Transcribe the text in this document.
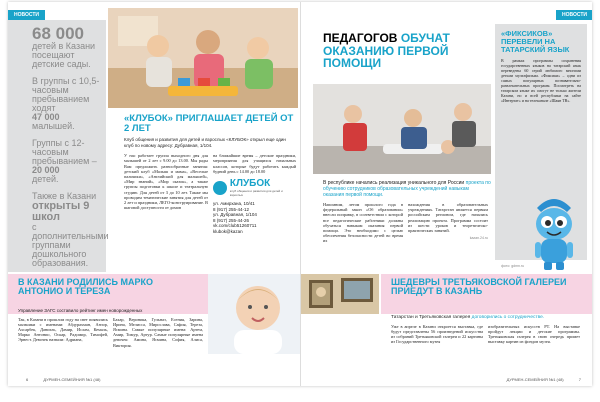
НОВОСТИ
68 000
детей в Казани посещают детские сады.
В группы с 10,5-часовым пребыванием ходят
47 000
малышей.
Группы с 12-часовым пребыванием –
20 000
детей.
Также в Казани
открыты 9 школ
с дополнительными группами дошкольного образования.
«КЛУБОК» ПРИГЛАШАЕТ ДЕТЕЙ ОТ 2 ЛЕТ
Клуб общения и развития для детей и взрослых «КЛУБОК» открыл еще один клуб по новому адресу: Дубравная, 1/104.
У нас работает группа выходного дня для малышей от 2 лет с 9.00 до 13.00. Мы рады Вам предложить разнообразные занятия: детский клуб «Малыш и мама», «Веселые пальчики», «Английский для малышей», «Мир знаний», «Мир сказок», а также группы подготовки к школе и театральную студию. Для детей от 3 до 10 лет. Также мы проводим тематические занятия для детей от 2 лет и праздники, ЛЕГО-конструирование. В шаговой доступности от домов
на ближайшие время – детские праздники, мероприятия для учащихся начальных классов, которые будут работать каждый будний день с 14.00 до 18.00
КЛУБОК
клуб общения и развития для детей и взрослых
ул. Амирхана, 10/41
8 (917) 255-44-12
ул. Дубравная, 1/104
8 (917) 255-44-26
vk.com/club51260711
klubok@kazan
В КАЗАНИ РОДИЛИСЬ МАРКО АНТОНИО И ТЕРЕЗА
Управление ЗАГС составило рейтинг имен новорожденных
Так, в Казани в прошлом году на свет появились мальчики с именами: Абдурахман, Анзор, Ахсарбек, Даниэль, Дамир, Ислам, Кемаль, Марко Антонио, Оскар, Радомир, Тимофей, Эрнест. Девочек назвали: Адриана,
Бахар, Вероника, Гульназ, Есения, Зарина, Ирина, Мелисса, Мирослава, Сафия, Тереза, Ясмина. Самые популярные имена: Артем, Амир, Тимур, Артур. Самые популярные имена девочек: Амина, Ясмина, София, Алиса, Виктория.
6	ДУРМЕН-СЕМЕЙНИЯ №1 (48)
НОВОСТИ
ПЕДАГОГОВ ОБУЧАТ
ОКАЗАНИЮ ПЕРВОЙ ПОМОЩИ
В республике начались реализация уникального для России проекта по обучению сотрудников образовательных учреждений навыкам оказания первой помощи.
Напомним, летом прошлого года в федеральный закон «Об образовании» внесли поправку, в соответствии с которой все педагогические работники должны обучаться навыкам оказания первой помощи. Это необходимо с целью обеспечения безопасности детей во время их
нахождения в образовательных учреждениях. Татарстан является первым российским регионом, где начались реализацию проекта. Программа состоит из шести уроков и теоретическо-практических занятий.
kazan.24.ru
«ФИКСИКОВ» ПЕРЕВЕЛИ НА ТАТАРСКИЙ ЯЗЫК
В рамках программы сохранения государственных языков на татарский язык переведены 60 серий любимого многими детьми мультфильма. «Фиксики» – одни из самых популярных познавательно-развлекательных программ. Посмотреть на татарском языке их смогут не только жители Казани, но и всей республики на сайте «Интертат» и на телеканале «Шаян ТВ».
фото: gdmn.ru
ШЕДЕВРЫ ТРЕТЬЯКОВСКОЙ ГАЛЕРЕИ ПРИЕДУТ В КАЗАНЬ
Татарстан и Третьяковская галерея договорились о сотрудничестве.
Уже в апреле в Казани откроется выставка, где будут представлены 56 произведений искусства из собраний Третьяковской галереи и 22 картины из Государственного музея
изобразительных искусств РТ. На выставке пройдут лекции и детские программы. Третьяковская галерея в свою очередь примет выставку картин из фондов музея.
ДУРМЕН-СЕМЕЙНИЯ №1 (48)	7
